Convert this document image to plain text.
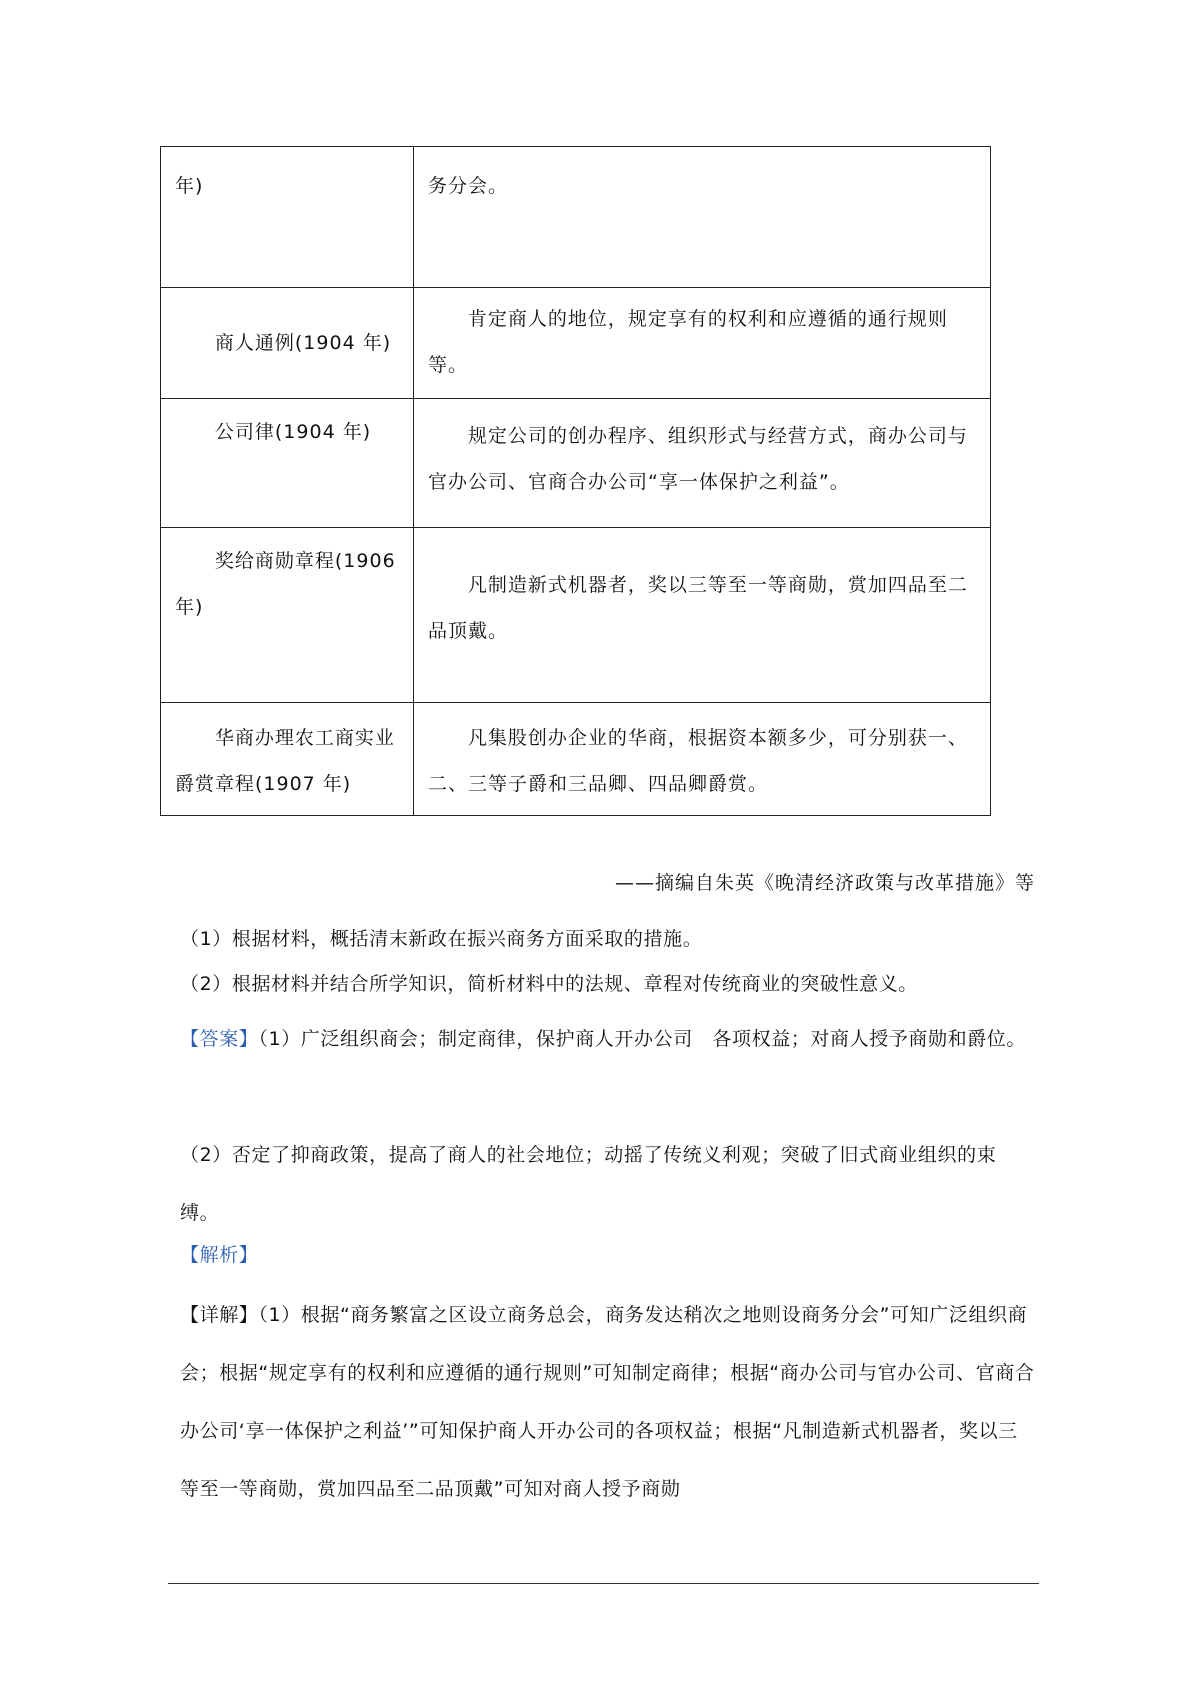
年)	务分会。

商人通例(1904 年)	肯定商人的地位，规定享有的权利和应遵循的通行规则等。

公司律(1904 年)	规定公司的创办程序、组织形式与经营方式，商办公司与官办公司、官商合办公司“享一体保护之利益”。

奖给商勋章程(1906 年)	凡制造新式机器者，奖以三等至一等商勋，赏加四品至二品顶戴。

华商办理农工商实业爵赏章程(1907 年)	凡集股创办企业的华商，根据资本额多少，可分别获一、二、三等子爵和三品卿、四品卿爵赏。
——摘编自朱英《晚清经济政策与改革措施》等
（1）根据材料，概括清末新政在振兴商务方面采取的措施。
（2）根据材料并结合所学知识，简析材料中的法规、章程对传统商业的突破性意义。
【答案】（1）广泛组织商会；制定商律，保护商人开办公司　各项权益；对商人授予商勋和爵位。
（2）否定了抑商政策，提高了商人的社会地位；动摇了传统义利观；突破了旧式商业组织的束缚。
【解析】
【详解】（1）根据“商务繁富之区设立商务总会，商务发达稍次之地则设商务分会”可知广泛组织商会；根据“规定享有的权利和应遵循的通行规则”可知制定商律；根据“商办公司与官办公司、官商合办公司‘享一体保护之利益’”可知保护商人开办公司的各项权益；根据“凡制造新式机器者，奖以三等至一等商勋，赏加四品至二品顶戴”可知对商人授予商勋
